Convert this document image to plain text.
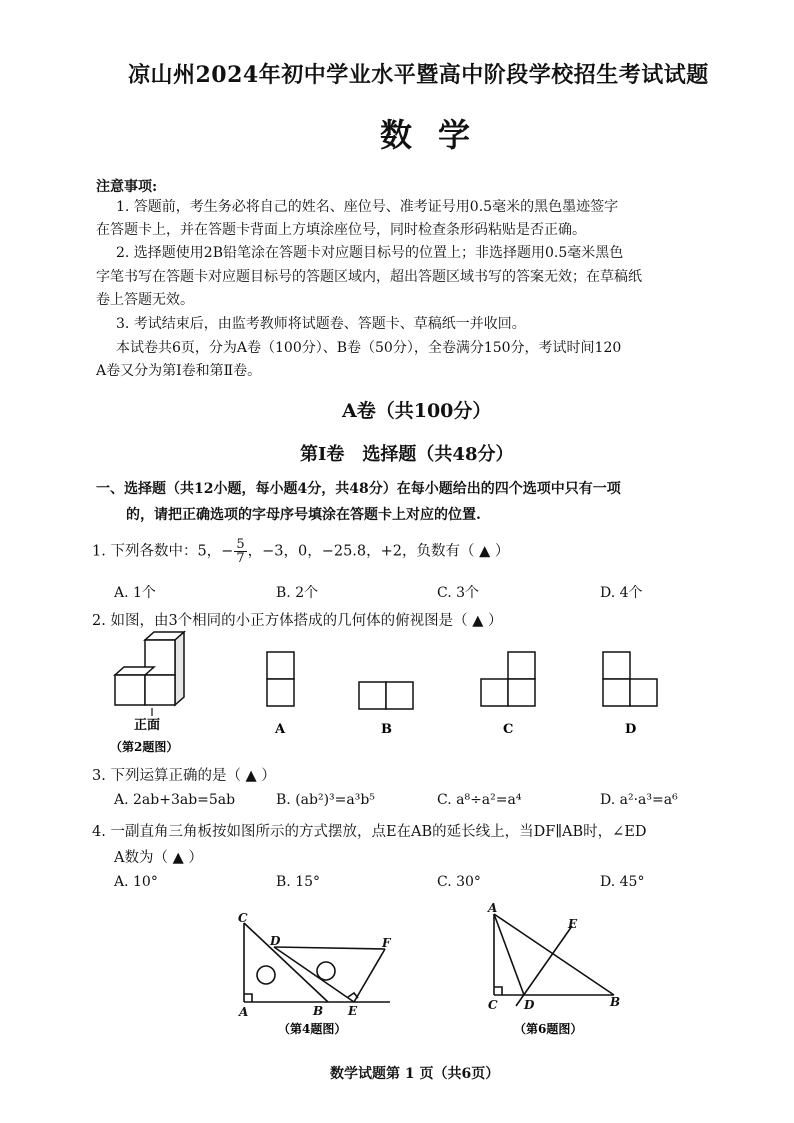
凉山州2024年初中学业水平暨高中阶段学校招生考试试题
数学
注意事项:
1. 答题前，考生务必将自己的姓名、座位号、准考证号用0.5毫米的黑色墨迹签字
在答题卡上，并在答题卡背面上方填涂座位号，同时检查条形码粘贴是否正确。
2. 选择题使用2B铅笔涂在答题卡对应题目标号的位置上；非选择题用0.5毫米黑色
字笔书写在答题卡对应题目标号的答题区域内，超出答题区域书写的答案无效；在草稿纸
卷上答题无效。
3. 考试结束后，由监考教师将试题卷、答题卡、草稿纸一并收回。
本试卷共6页，分为A卷（100分）、B卷（50分），全卷满分150分，考试时间120
A卷又分为第Ⅰ卷和第Ⅱ卷。
A卷（共100分）
第Ⅰ卷　选择题（共48分）
一、选择题（共12小题，每小题4分，共48分）在每小题给出的四个选项中只有一项
的，请把正确选项的字母序号填涂在答题卡上对应的位置.
1. 下列各数中：5，− $\frac{5}{7}$ ，−3，0，−25.8，+2，负数有（ ▲ ）
A. 1个	B. 2个	C. 3个	D. 4个
2. 如图，由3个相同的小正方体搭成的几何体的俯视图是（ ▲ ）
正面
（第2题图）
A	B	C	D
3. 下列运算正确的是（ ▲ ）
A. 2ab+3ab=5ab	B. (ab²)³=a³b⁵	C. a⁸÷a²=a⁴	D. a²·a³=a⁶
4. 一副直角三角板按如图所示的方式摆放，点E在AB的延长线上，当DF∥AB时，∠ED
A数为（ ▲ ）
A. 10°	B. 15°	C. 30°	D. 45°
C
D	F
A	B E
（第4题图）
A
E
C D	B
（第6题图）
数学试题第 1 页（共6页）
